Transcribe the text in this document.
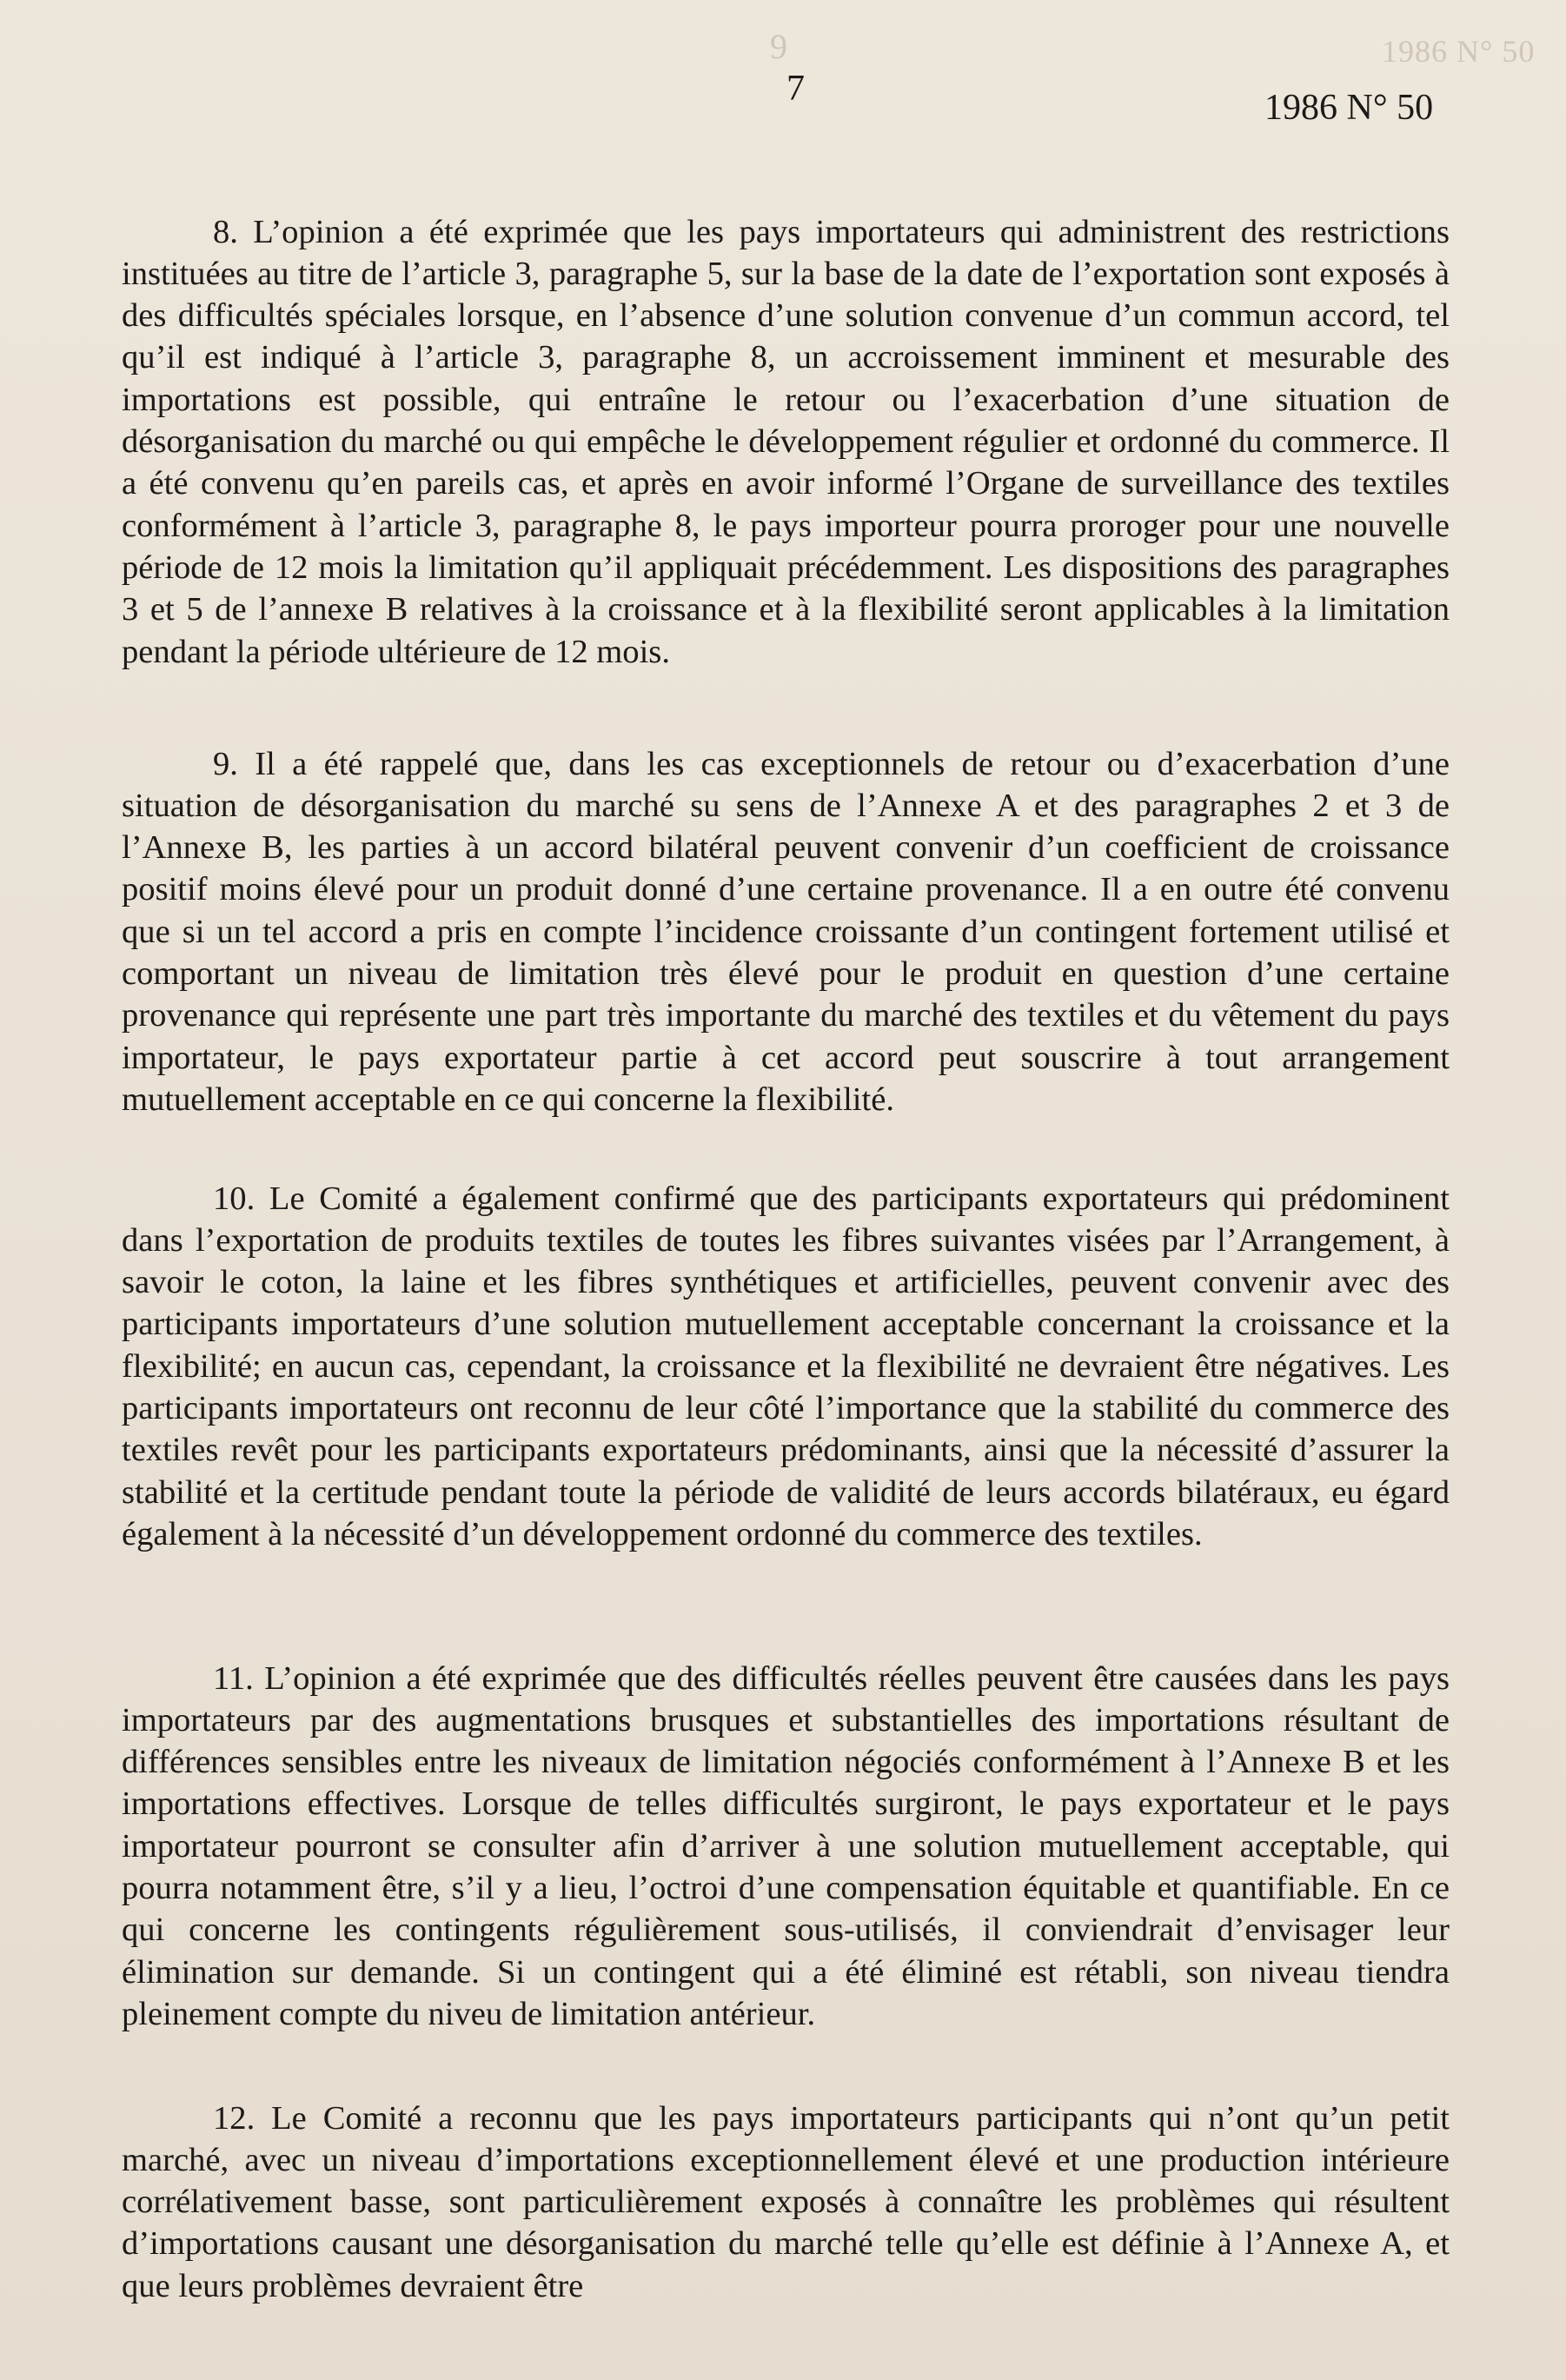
9	1986 N° 50
7	1986 N° 50

8. L’opinion a été exprimée que les pays importateurs qui administrent des restrictions instituées au titre de l’article 3, paragraphe 5, sur la base de la date de l’exportation sont exposés à des difficultés spéciales lorsque, en l’absence d’une solution convenue d’un commun accord, tel qu’il est indiqué à l’article 3, paragraphe 8, un accroissement imminent et mesurable des importations est possible, qui entraîne le retour ou l’exacerbation d’une situation de désorganisation du marché ou qui empêche le développement régulier et ordonné du commerce. Il a été convenu qu’en pareils cas, et après en avoir informé l’Organe de surveillance des textiles conformément à l’article 3, paragraphe 8, le pays importeur pourra proroger pour une nouvelle période de 12 mois la limitation qu’il appliquait précédemment. Les dispositions des paragraphes 3 et 5 de l’annexe B relatives à la croissance et à la flexibilité seront applicables à la limitation pendant la période ultérieure de 12 mois.

9. Il a été rappelé que, dans les cas exceptionnels de retour ou d’exacerbation d’une situation de désorganisation du marché su sens de l’Annexe A et des paragraphes 2 et 3 de l’Annexe B, les parties à un accord bilatéral peuvent convenir d’un coefficient de croissance positif moins élevé pour un produit donné d’une certaine provenance. Il a en outre été convenu que si un tel accord a pris en compte l’incidence croissante d’un contingent fortement utilisé et comportant un niveau de limitation très élevé pour le produit en question d’une certaine provenance qui représente une part très importante du marché des textiles et du vêtement du pays importateur, le pays exportateur partie à cet accord peut souscrire à tout arrangement mutuellement acceptable en ce qui concerne la flexibilité.

10. Le Comité a également confirmé que des participants exportateurs qui prédominent dans l’exportation de produits textiles de toutes les fibres suivantes visées par l’Arrangement, à savoir le coton, la laine et les fibres synthétiques et artificielles, peuvent convenir avec des participants importateurs d’une solution mutuellement acceptable concernant la croissance et la flexibilité; en aucun cas, cependant, la croissance et la flexibilité ne devraient être négatives. Les participants importateurs ont reconnu de leur côté l’importance que la stabilité du commerce des textiles revêt pour les participants exportateurs prédominants, ainsi que la nécessité d’assurer la stabilité et la certitude pendant toute la période de validité de leurs accords bilatéraux, eu égard également à la nécessité d’un développement ordonné du commerce des textiles.

11. L’opinion a été exprimée que des difficultés réelles peuvent être causées dans les pays importateurs par des augmentations brusques et substantielles des importations résultant de différences sensibles entre les niveaux de limitation négociés conformément à l’Annexe B et les importations effectives. Lorsque de telles difficultés surgiront, le pays exportateur et le pays importateur pourront se consulter afin d’arriver à une solution mutuellement acceptable, qui pourra notamment être, s’il y a lieu, l’octroi d’une compensation équitable et quantifiable. En ce qui concerne les contingents régulièrement sous-utilisés, il conviendrait d’envisager leur élimination sur demande. Si un contingent qui a été éliminé est rétabli, son niveau tiendra pleinement compte du niveu de limitation antérieur.

12. Le Comité a reconnu que les pays importateurs participants qui n’ont qu’un petit marché, avec un niveau d’importations exceptionnellement élevé et une production intérieure corrélativement basse, sont particulièrement exposés à connaître les problèmes qui résultent d’importations causant une désorganisation du marché telle qu’elle est définie à l’Annexe A, et que leurs problèmes devraient être
